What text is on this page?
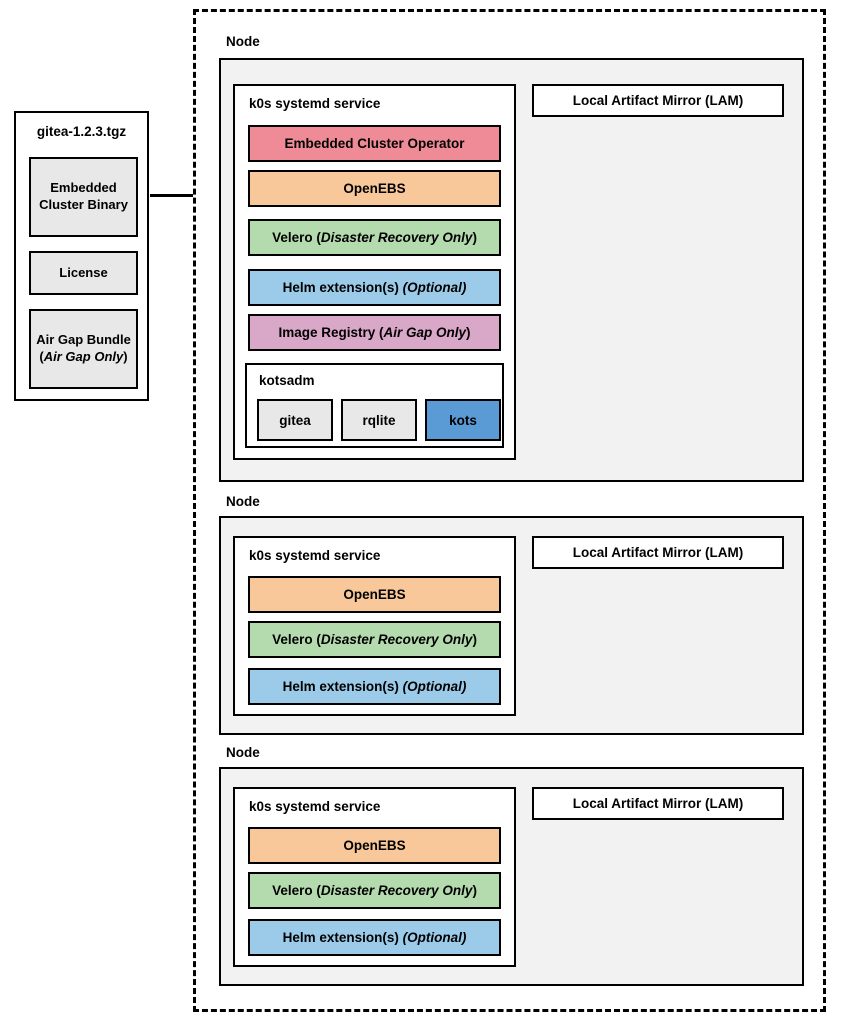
gitea-1.2.3.tgz
Embedded Cluster Binary
License
Air Gap Bundle (Air Gap Only)
Node
Local Artifact Mirror (LAM)
k0s systemd service
Embedded Cluster Operator
OpenEBS
Velero (Disaster Recovery Only)
Helm extension(s) (Optional)
Image Registry (Air Gap Only)
kotsadm
gitea	rqlite	kots
Node
Local Artifact Mirror (LAM)
k0s systemd service
OpenEBS
Velero (Disaster Recovery Only)
Helm extension(s) (Optional)
Node
Local Artifact Mirror (LAM)
k0s systemd service
OpenEBS
Velero (Disaster Recovery Only)
Helm extension(s) (Optional)
